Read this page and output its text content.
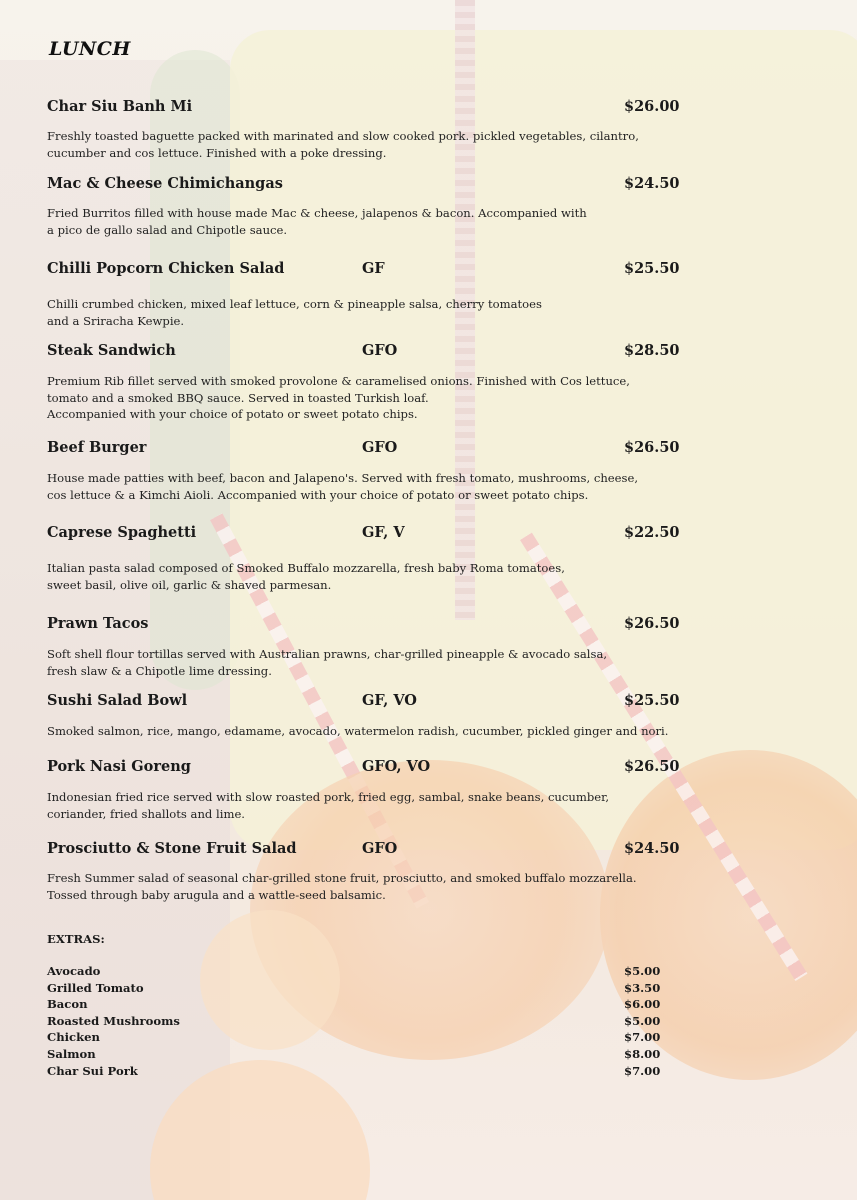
LUNCH
Char Siu Banh Mi	$26.00
Freshly toasted baguette packed with marinated and slow cooked pork. pickled vegetables, cilantro,
cucumber and cos lettuce. Finished with a poke dressing.
Mac & Cheese Chimichangas	$24.50
Fried Burritos filled with house made Mac & cheese, jalapenos & bacon. Accompanied with
a pico de gallo salad and Chipotle sauce.
Chilli Popcorn Chicken Salad	GF	$25.50
Chilli crumbed chicken, mixed leaf lettuce, corn & pineapple salsa, cherry tomatoes
and a Sriracha Kewpie.
Steak Sandwich	GFO	$28.50
Premium Rib fillet served with smoked provolone & caramelised onions. Finished with Cos lettuce,
tomato and a smoked BBQ sauce. Served in toasted Turkish loaf.
Accompanied with your choice of potato or sweet potato chips.
Beef Burger	GFO	$26.50
House made patties with beef, bacon and Jalapeno's. Served with fresh tomato, mushrooms, cheese,
cos lettuce & a Kimchi Aioli. Accompanied with your choice of potato or sweet potato chips.
Caprese Spaghetti	GF, V	$22.50
Italian pasta salad composed of Smoked Buffalo mozzarella, fresh baby Roma tomatoes,
sweet basil, olive oil, garlic & shaved parmesan.
Prawn Tacos	$26.50
Soft shell flour tortillas served with Australian prawns, char-grilled pineapple & avocado salsa,
fresh slaw & a Chipotle lime dressing.
Sushi Salad Bowl	GF, VO	$25.50
Smoked salmon, rice, mango, edamame, avocado, watermelon radish, cucumber, pickled ginger and nori.
Pork Nasi Goreng	GFO, VO	$26.50
Indonesian fried rice served with slow roasted pork, fried egg, sambal, snake beans, cucumber,
coriander, fried shallots and lime.
Prosciutto & Stone Fruit Salad	GFO	$24.50
Fresh Summer salad of seasonal char-grilled stone fruit, prosciutto, and smoked buffalo mozzarella.
Tossed through baby arugula and a wattle-seed balsamic.
EXTRAS:
Avocado	$5.00
Grilled Tomato	$3.50
Bacon	$6.00
Roasted Mushrooms	$5.00
Chicken	$7.00
Salmon	$8.00
Char Sui Pork	$7.00
